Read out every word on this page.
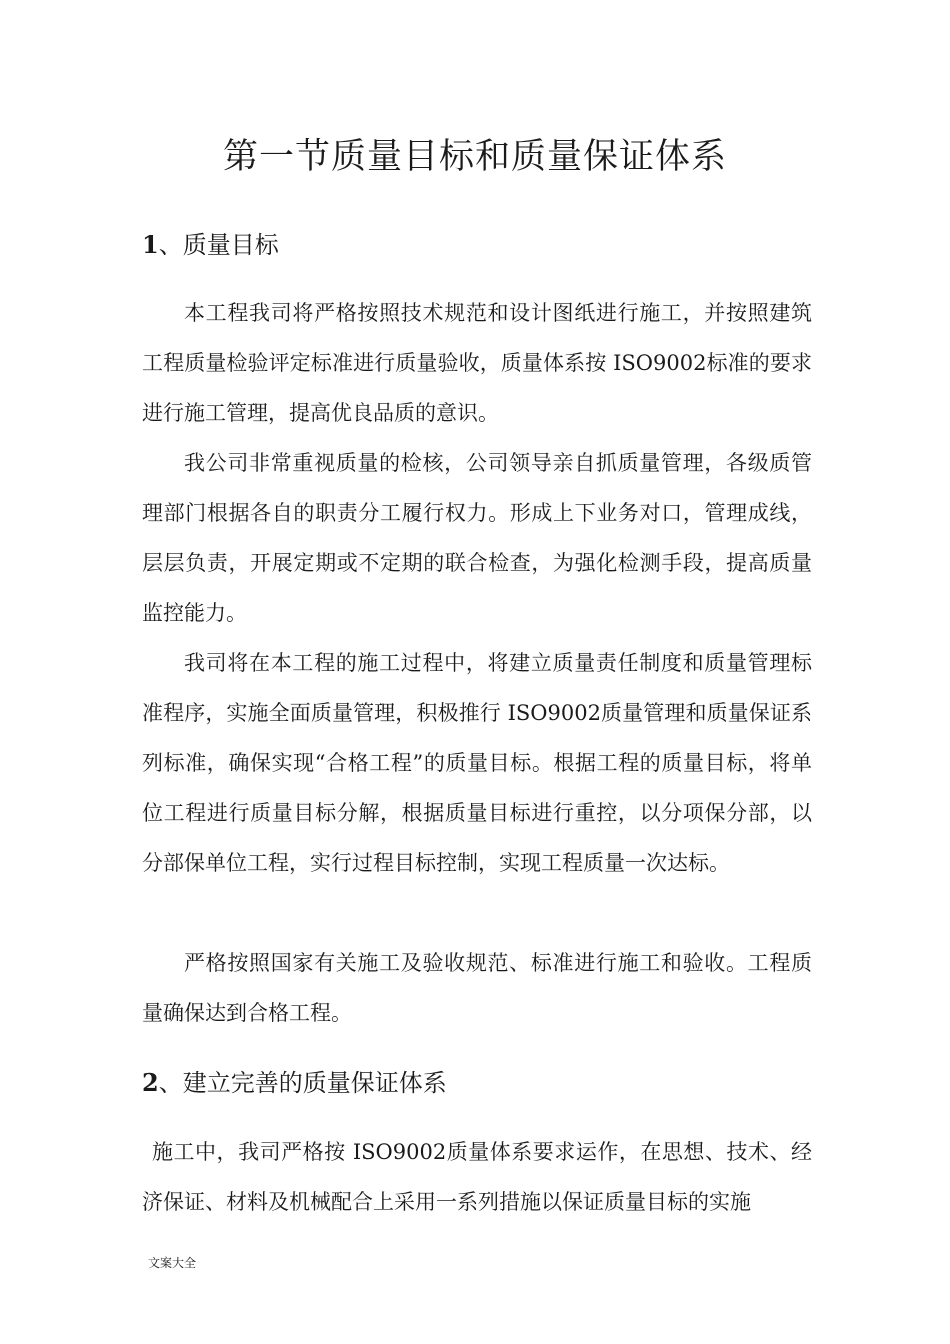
第一节质量目标和质量保证体系
1、质量目标

本工程我司将严格按照技术规范和设计图纸进行施工，并按照建筑工程质量检验评定标准进行质量验收，质量体系按 ISO9002标准的要求进行施工管理，提高优良品质的意识。

我公司非常重视质量的检核，公司领导亲自抓质量管理，各级质管理部门根据各自的职责分工履行权力。形成上下业务对口，管理成线，层层负责，开展定期或不定期的联合检查，为强化检测手段，提高质量监控能力。

我司将在本工程的施工过程中，将建立质量责任制度和质量管理标准程序，实施全面质量管理，积极推行 ISO9002质量管理和质量保证系列标准，确保实现“合格工程”的质量目标。根据工程的质量目标，将单位工程进行质量目标分解，根据质量目标进行重控，以分项保分部，以分部保单位工程，实行过程目标控制，实现工程质量一次达标。

严格按照国家有关施工及验收规范、标准进行施工和验收。工程质量确保达到合格工程。

2、建立完善的质量保证体系

施工中，我司严格按 ISO9002质量体系要求运作，在思想、技术、经济保证、材料及机械配合上采用一系列措施以保证质量目标的实施

文案大全
